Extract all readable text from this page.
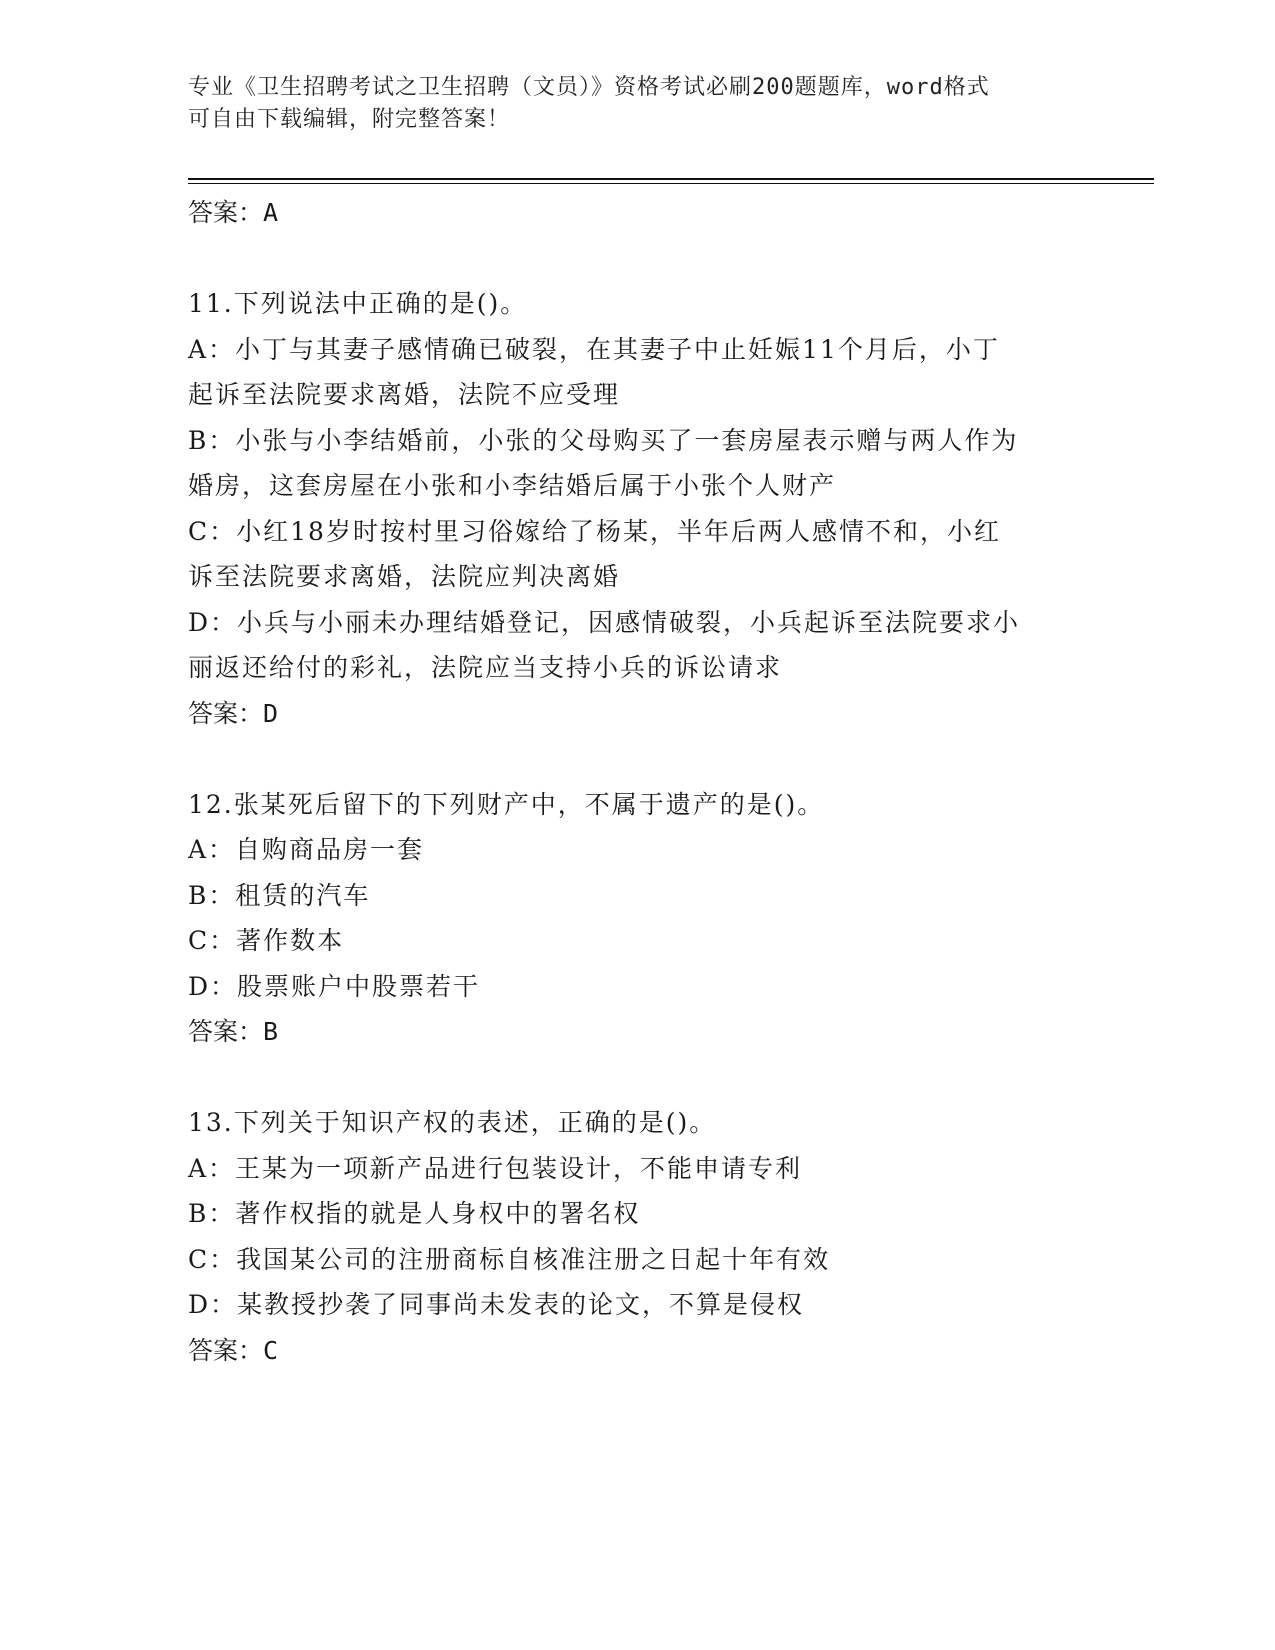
专业《卫生招聘考试之卫生招聘（文员）》资格考试必刷200题题库，word格式
可自由下载编辑，附完整答案！
答案：A
11.下列说法中正确的是()。
A：小丁与其妻子感情确已破裂，在其妻子中止妊娠11个月后，小丁
起诉至法院要求离婚，法院不应受理
B：小张与小李结婚前，小张的父母购买了一套房屋表示赠与两人作为
婚房，这套房屋在小张和小李结婚后属于小张个人财产
C：小红18岁时按村里习俗嫁给了杨某，半年后两人感情不和，小红
诉至法院要求离婚，法院应判决离婚
D：小兵与小丽未办理结婚登记，因感情破裂，小兵起诉至法院要求小
丽返还给付的彩礼，法院应当支持小兵的诉讼请求
答案：D
12.张某死后留下的下列财产中，不属于遗产的是()。
A：自购商品房一套
B：租赁的汽车
C：著作数本
D：股票账户中股票若干
答案：B
13.下列关于知识产权的表述，正确的是()。
A：王某为一项新产品进行包装设计，不能申请专利
B：著作权指的就是人身权中的署名权
C：我国某公司的注册商标自核准注册之日起十年有效
D：某教授抄袭了同事尚未发表的论文，不算是侵权
答案：C
